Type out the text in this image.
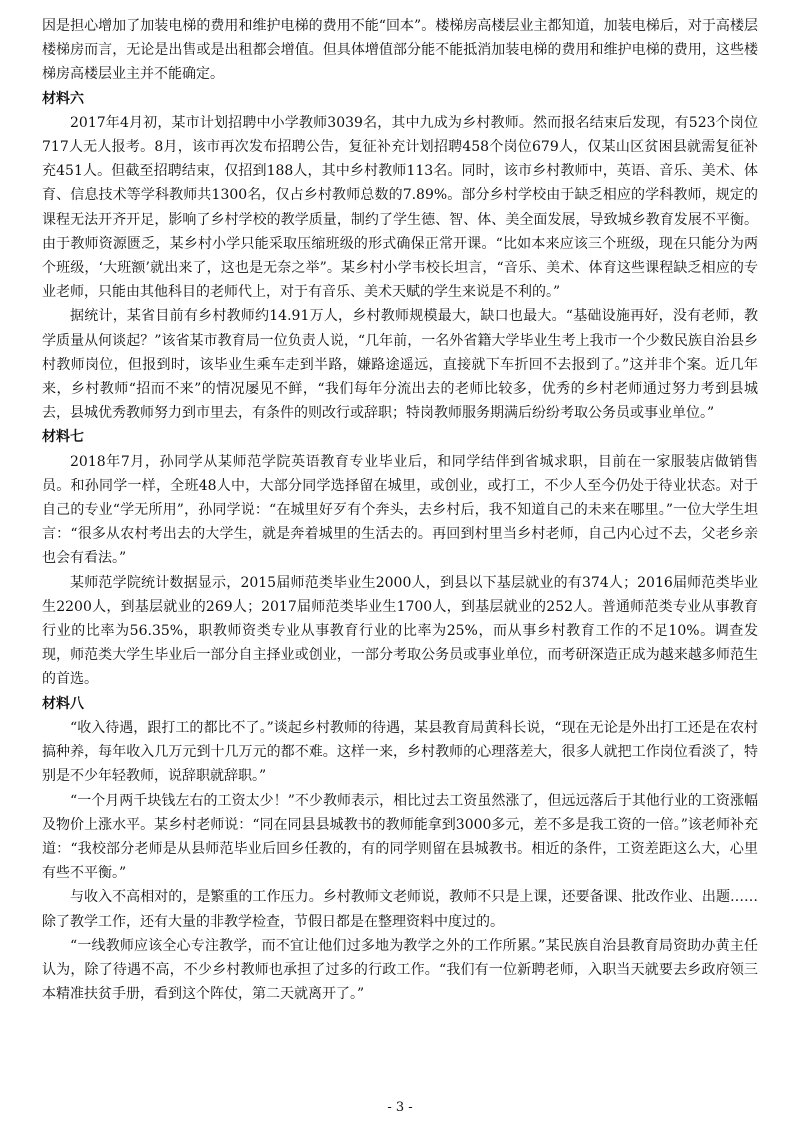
因是担心增加了加装电梯的费用和维护电梯的费用不能“回本”。楼梯房高楼层业主都知道，加装电梯后，对于高楼层楼梯房而言，无论是出售或是出租都会增值。但具体增值部分能不能抵消加装电梯的费用和维护电梯的费用，这些楼梯房高楼层业主并不能确定。

材料六

2017年4月初，某市计划招聘中小学教师3039名，其中九成为乡村教师。然而报名结束后发现，有523个岗位717人无人报考。8月，该市再次发布招聘公告，复征补充计划招聘458个岗位679人，仅某山区贫困县就需复征补充451人。但截至招聘结束，仅招到188人，其中乡村教师113名。同时，该市乡村教师中，英语、音乐、美术、体育、信息技术等学科教师共1300名，仅占乡村教师总数的7.89%。部分乡村学校由于缺乏相应的学科教师，规定的课程无法开齐开足，影响了乡村学校的教学质量，制约了学生德、智、体、美全面发展，导致城乡教育发展不平衡。由于教师资源匮乏，某乡村小学只能采取压缩班级的形式确保正常开课。“比如本来应该三个班级，现在只能分为两个班级，‘大班额’就出来了，这也是无奈之举”。某乡村小学韦校长坦言，“音乐、美术、体育这些课程缺乏相应的专业老师，只能由其他科目的老师代上，对于有音乐、美术天赋的学生来说是不利的。”

据统计，某省目前有乡村教师约14.91万人，乡村教师规模最大，缺口也最大。“基础设施再好，没有老师，教学质量从何谈起？”该省某市教育局一位负责人说，“几年前，一名外省籍大学毕业生考上我市一个少数民族自治县乡村教师岗位，但报到时，该毕业生乘车走到半路，嫌路途遥远，直接就下车折回不去报到了。”这并非个案。近几年来，乡村教师“招而不来”的情况屡见不鲜，“我们每年分流出去的老师比较多，优秀的乡村老师通过努力考到县城去，县城优秀教师努力到市里去，有条件的则改行或辞职；特岗教师服务期满后纷纷考取公务员或事业单位。”

材料七

2018年7月，孙同学从某师范学院英语教育专业毕业后，和同学结伴到省城求职，目前在一家服装店做销售员。和孙同学一样，全班48人中，大部分同学选择留在城里，或创业，或打工，不少人至今仍处于待业状态。对于自己的专业“学无所用”，孙同学说：“在城里好歹有个奔头，去乡村后，我不知道自己的未来在哪里。”一位大学生坦言：“很多从农村考出去的大学生，就是奔着城里的生活去的。再回到村里当乡村老师，自己内心过不去，父老乡亲也会有看法。”

某师范学院统计数据显示，2015届师范类毕业生2000人，到县以下基层就业的有374人；2016届师范类毕业生2200人，到基层就业的269人；2017届师范类毕业生1700人，到基层就业的252人。普通师范类专业从事教育行业的比率为56.35%，职教师资类专业从事教育行业的比率为25%，而从事乡村教育工作的不足10%。调查发现，师范类大学生毕业后一部分自主择业或创业，一部分考取公务员或事业单位，而考研深造正成为越来越多师范生的首选。

材料八

“收入待遇，跟打工的都比不了。”谈起乡村教师的待遇，某县教育局黄科长说，“现在无论是外出打工还是在农村搞种养，每年收入几万元到十几万元的都不难。这样一来，乡村教师的心理落差大，很多人就把工作岗位看淡了，特别是不少年轻教师，说辞职就辞职。”

“一个月两千块钱左右的工资太少！”不少教师表示，相比过去工资虽然涨了，但远远落后于其他行业的工资涨幅及物价上涨水平。某乡村老师说：“同在同县县城教书的教师能拿到3000多元，差不多是我工资的一倍。”该老师补充道：“我校部分老师是从县师范毕业后回乡任教的，有的同学则留在县城教书。相近的条件，工资差距这么大，心里有些不平衡。”

与收入不高相对的，是繁重的工作压力。乡村教师文老师说，教师不只是上课，还要备课、批改作业、出题……除了教学工作，还有大量的非教学检查，节假日都是在整理资料中度过的。

“一线教师应该全心专注教学，而不宜让他们过多地为教学之外的工作所累。”某民族自治县教育局资助办黄主任认为，除了待遇不高，不少乡村教师也承担了过多的行政工作。“我们有一位新聘老师，入职当天就要去乡政府领三本精准扶贫手册，看到这个阵仗，第二天就离开了。”

- 3 -
